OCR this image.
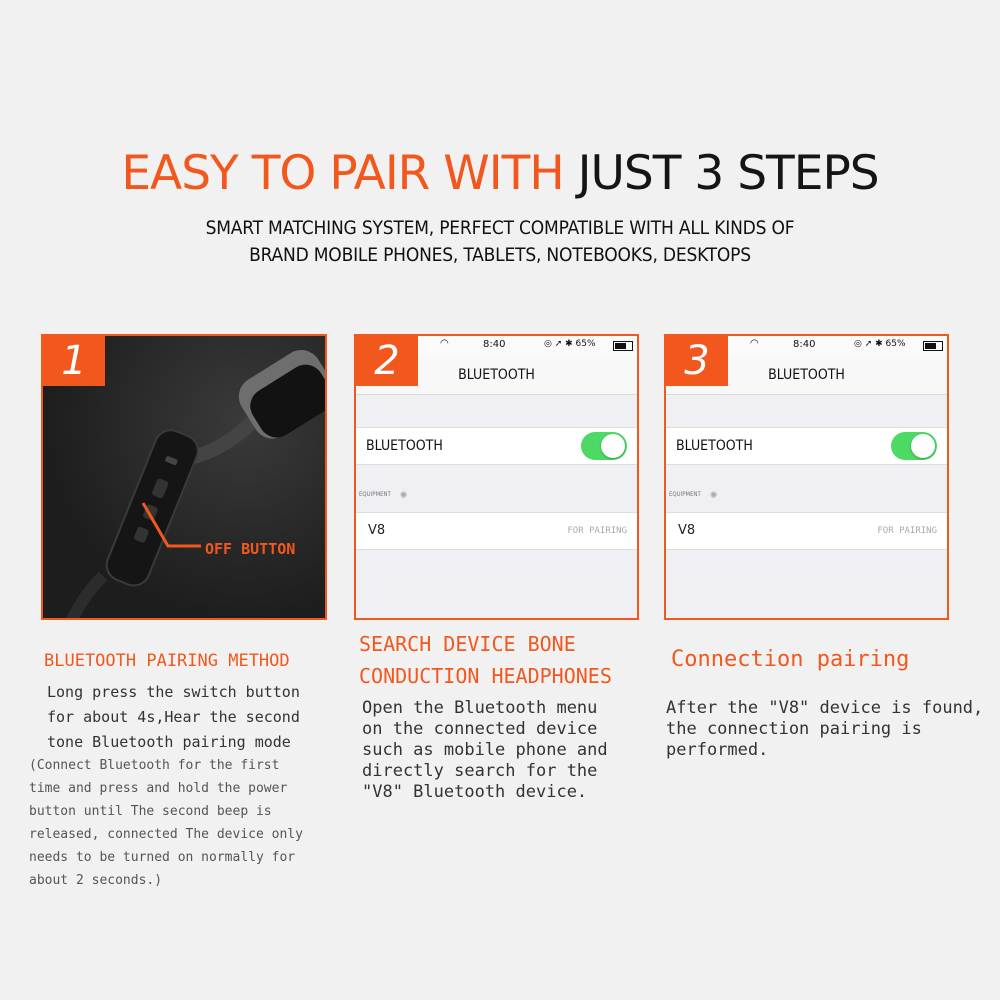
EASY TO PAIR WITH JUST 3 STEPS
SMART MATCHING SYSTEM, PERFECT COMPATIBLE WITH ALL KINDS OF
BRAND MOBILE PHONES, TABLETS, NOTEBOOKS, DESKTOPS
1
OFF BUTTON
◠	8:40	◎ ➚ ✱ 65%
2	BLUETOOTH
BLUETOOTH
EQUIPMENT ✺
V8	FOR PAIRING
◠	8:40	◎ ➚ ✱ 65%
3	BLUETOOTH
BLUETOOTH
EQUIPMENT ✺
V8	FOR PAIRING
BLUETOOTH PAIRING METHOD
Long press the switch button
for about 4s,Hear the second
tone Bluetooth pairing mode
(Connect Bluetooth for the first
time and press and hold the power
button until The second beep is
released, connected The device only
needs to be turned on normally for
about 2 seconds.)
SEARCH DEVICE BONE
CONDUCTION HEADPHONES
Open the Bluetooth menu
on the connected device
such as mobile phone and
directly search for the
"V8" Bluetooth device.
Connection pairing
After the "V8" device is found,
the connection pairing is
performed.
